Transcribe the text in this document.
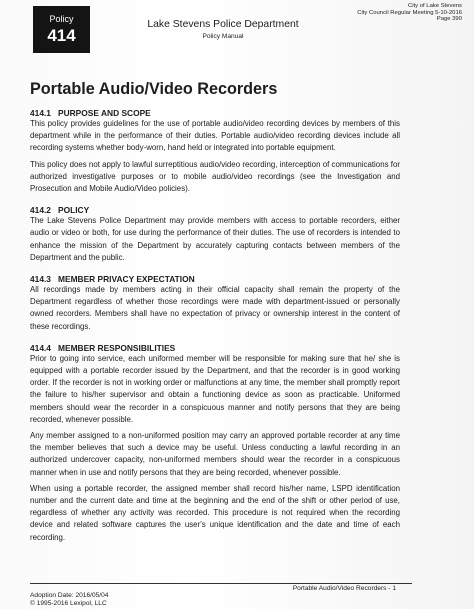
City of Lake Stevens
City Council Regular Meeting 5-10-2016
Page 390
Policy
414
Lake Stevens Police Department
Policy Manual
Portable Audio/Video Recorders
414.1 PURPOSE AND SCOPE

This policy provides guidelines for the use of portable audio/video recording devices by members of this department while in the performance of their duties. Portable audio/video recording devices include all recording systems whether body-worn, hand held or integrated into portable equipment.

This policy does not apply to lawful surreptitious audio/video recording, interception of communications for authorized investigative purposes or to mobile audio/video recordings (see the Investigation and Prosecution and Mobile Audio/Video policies).

414.2 POLICY

The Lake Stevens Police Department may provide members with access to portable recorders, either audio or video or both, for use during the performance of their duties. The use of recorders is intended to enhance the mission of the Department by accurately capturing contacts between members of the Department and the public.

414.3 MEMBER PRIVACY EXPECTATION

All recordings made by members acting in their official capacity shall remain the property of the Department regardless of whether those recordings were made with department-issued or personally owned recorders. Members shall have no expectation of privacy or ownership interest in the content of these recordings.

414.4 MEMBER RESPONSIBILITIES

Prior to going into service, each uniformed member will be responsible for making sure that he/ she is equipped with a portable recorder issued by the Department, and that the recorder is in good working order. If the recorder is not in working order or malfunctions at any time, the member shall promptly report the failure to his/her supervisor and obtain a functioning device as soon as practicable. Uniformed members should wear the recorder in a conspicuous manner and notify persons that they are being recorded, whenever possible.

Any member assigned to a non-uniformed position may carry an approved portable recorder at any time the member believes that such a device may be useful. Unless conducting a lawful recording in an authorized undercover capacity, non-uniformed members should wear the recorder in a conspicuous manner when in use and notify persons that they are being recorded, whenever possible.

When using a portable recorder, the assigned member shall record his/her name, LSPD identification number and the current date and time at the beginning and the end of the shift or other period of use, regardless of whether any activity was recorded. This procedure is not required when the recording device and related software captures the user's unique identification and the date and time of each recording.

Portable Audio/Video Recorders - 1
Adoption Date: 2016/05/04
© 1995-2016 Lexipol, LLC
